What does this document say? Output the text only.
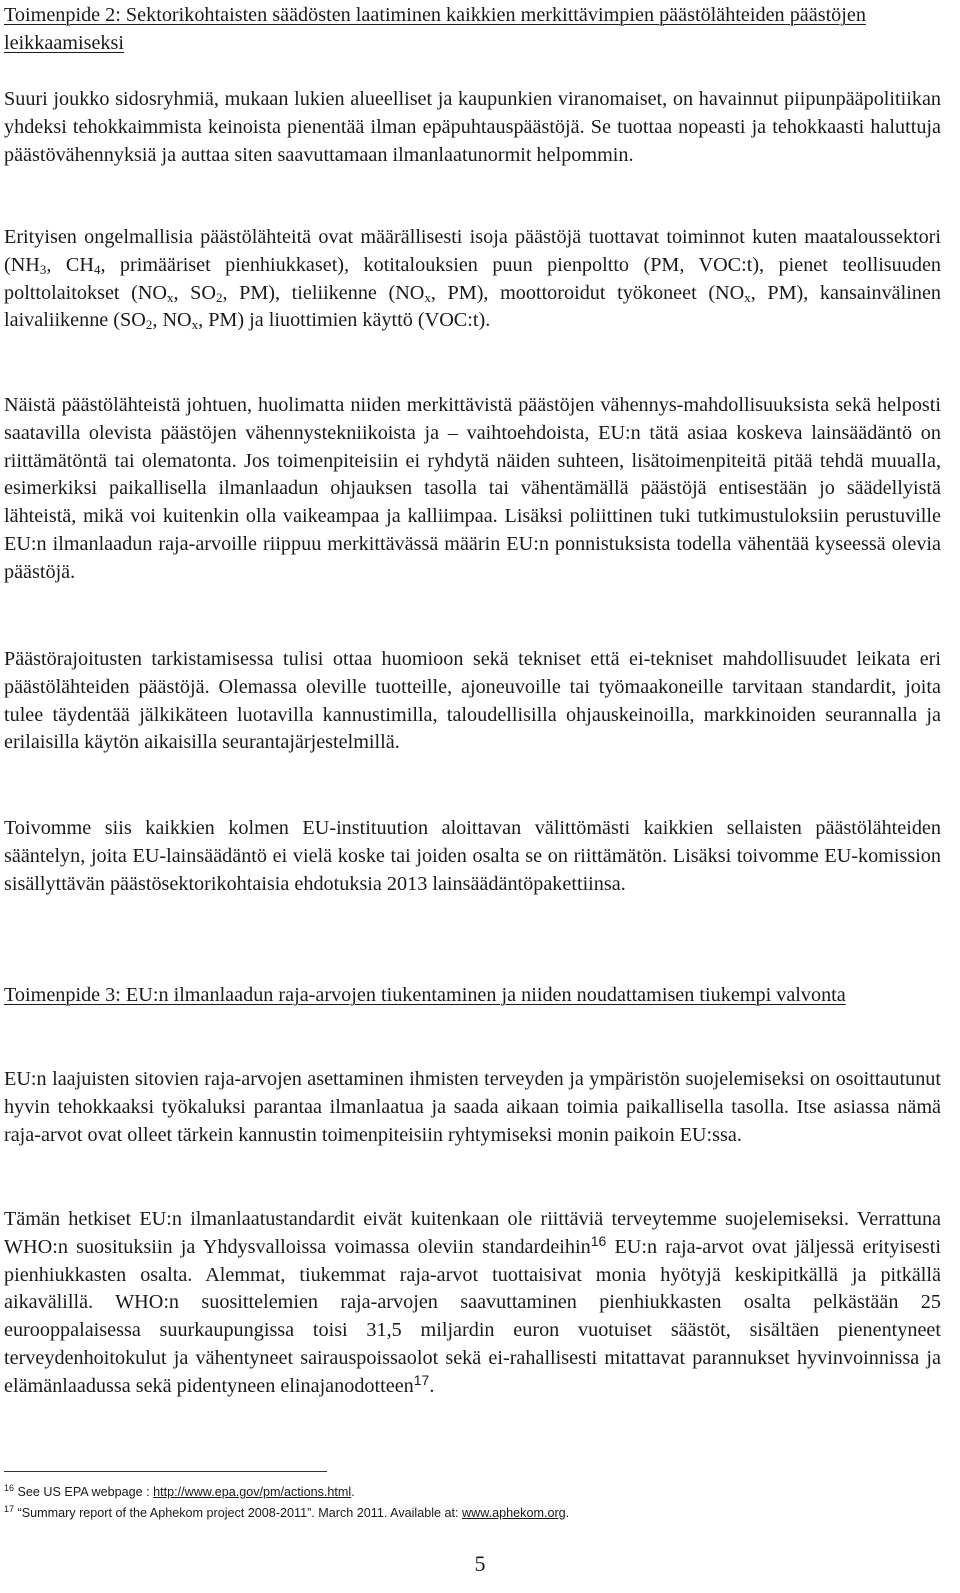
Toimenpide 2: Sektorikohtaisten säädösten laatiminen kaikkien merkittävimpien päästölähteiden päästöjen leikkaamiseksi

Suuri joukko sidosryhmiä, mukaan lukien alueelliset ja kaupunkien viranomaiset, on havainnut piipunpääpolitiikan yhdeksi tehokkaimmista keinoista pienentää ilman epäpuhtauspäästöjä. Se tuottaa nopeasti ja tehokkaasti haluttuja päästövähennyksiä ja auttaa siten saavuttamaan ilmanlaatunormit helpommin.

Erityisen ongelmallisia päästölähteitä ovat määrällisesti isoja päästöjä tuottavat toiminnot kuten maataloussektori ($NH_3$, $CH_4$, primääriset pienhiukkaset), kotitalouksien puun pienpoltto (PM, VOC:t), pienet teollisuuden polttolaitokset ($NO_x$, $SO_2$, PM), tieliikenne ($NO_x$, PM), moottoroidut työkoneet ($NO_x$, PM), kansainvälinen laivaliikenne ($SO_2$, $NO_x$, PM) ja liuottimien käyttö (VOC:t).

Näistä päästölähteistä johtuen, huolimatta niiden merkittävistä päästöjen vähennys-mahdollisuuksista sekä helposti saatavilla olevista päästöjen vähennystekniikoista ja – vaihtoehdoista, EU:n tätä asiaa koskeva lainsäädäntö on riittämätöntä tai olematonta. Jos toimenpiteisiin ei ryhdytä näiden suhteen, lisätoimenpiteitä pitää tehdä muualla, esimerkiksi paikallisella ilmanlaadun ohjauksen tasolla tai vähentämällä päästöjä entisestään jo säädellyistä lähteistä, mikä voi kuitenkin olla vaikeampaa ja kalliimpaa. Lisäksi poliittinen tuki tutkimustuloksiin perustuville EU:n ilmanlaadun raja-arvoille riippuu merkittävässä määrin EU:n ponnistuksista todella vähentää kyseessä olevia päästöjä.

Päästörajoitusten tarkistamisessa tulisi ottaa huomioon sekä tekniset että ei-tekniset mahdollisuudet leikata eri päästölähteiden päästöjä. Olemassa oleville tuotteille, ajoneuvoille tai työmaakoneille tarvitaan standardit, joita tulee täydentää jälkikäteen luotavilla kannustimilla, taloudellisilla ohjauskeinoilla, markkinoiden seurannalla ja erilaisilla käytön aikaisilla seurantajärjestelmillä.

Toivomme siis kaikkien kolmen EU-instituution aloittavan välittömästi kaikkien sellaisten päästölähteiden sääntelyn, joita EU-lainsäädäntö ei vielä koske tai joiden osalta se on riittämätön. Lisäksi toivomme EU-komission sisällyttävän päästösektorikohtaisia ehdotuksia 2013 lainsäädäntöpakettiinsa.

Toimenpide 3: EU:n ilmanlaadun raja-arvojen tiukentaminen ja niiden noudattamisen tiukempi valvonta

EU:n laajuisten sitovien raja-arvojen asettaminen ihmisten terveyden ja ympäristön suojelemiseksi on osoittautunut hyvin tehokkaaksi työkaluksi parantaa ilmanlaatua ja saada aikaan toimia paikallisella tasolla. Itse asiassa nämä raja-arvot ovat olleet tärkein kannustin toimenpiteisiin ryhtymiseksi monin paikoin EU:ssa.

Tämän hetkiset EU:n ilmanlaatustandardit eivät kuitenkaan ole riittäviä terveytemme suojelemiseksi. Verrattuna WHO:n suosituksiin ja Yhdysvalloissa voimassa oleviin standardeihin$^{16}$ EU:n raja-arvot ovat jäljessä erityisesti pienhiukkasten osalta. Alemmat, tiukemmat raja-arvot tuottaisivat monia hyötyjä keskipitkällä ja pitkällä aikavälillä. WHO:n suosittelemien raja-arvojen saavuttaminen pienhiukkasten osalta pelkästään 25 eurooppalaisessa suurkaupungissa toisi 31,5 miljardin euron vuotuiset säästöt, sisältäen pienentyneet terveydenhoitokulut ja vähentyneet sairauspoissaolot sekä ei-rahallisesti mitattavat parannukset hyvinvoinnissa ja elämänlaadussa sekä pidentyneen elinajanodotteen$^{17}$.

$^{16}$ See US EPA webpage : http://www.epa.gov/pm/actions.html.
$^{17}$ “Summary report of the Aphekom project 2008-2011”. March 2011. Available at: www.aphekom.org.
5
